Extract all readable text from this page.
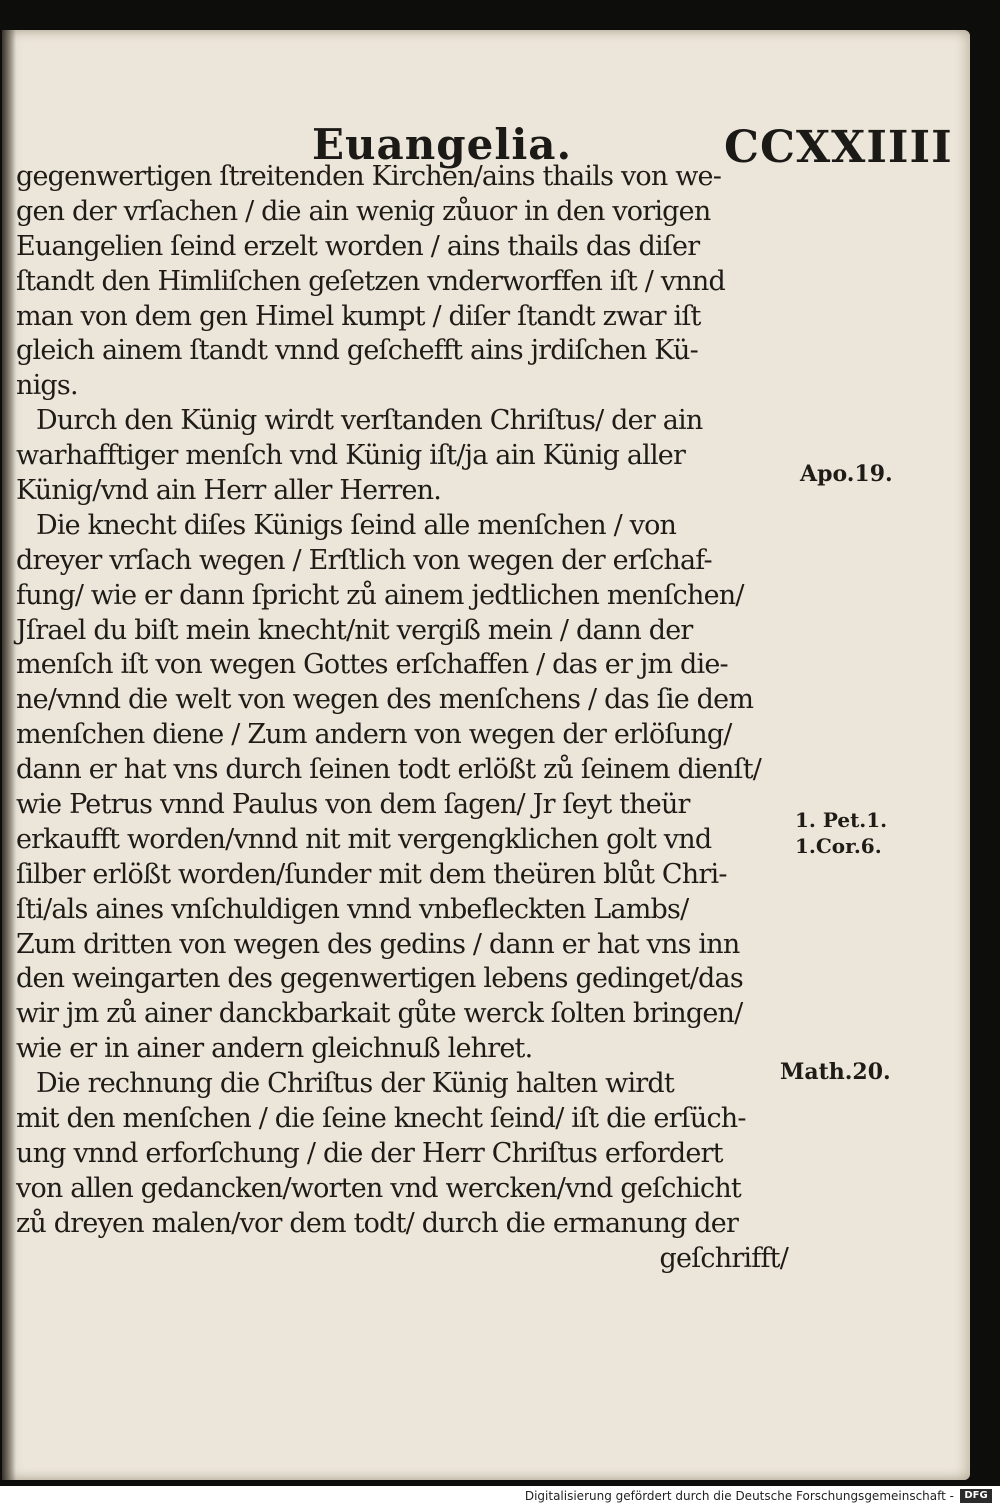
Euangelia.	CCXXIIII
gegenwertigen ſtreitenden Kirchen/ains thails von we-
gen der vrſachen / die ain wenig zůuor in den vorigen
Euangelien ſeind erzelt worden / ains thails das diſer
ſtandt den Himliſchen geſetzen vnderworffen iſt / vnnd
man von dem gen Himel kumpt / diſer ſtandt zwar iſt
gleich ainem ſtandt vnnd geſchefft ains jrdiſchen Kü-
nigs.
Durch den Künig wirdt verſtanden Chriſtus/ der ain
warhafftiger menſch vnd Künig iſt/ja ain Künig aller
Künig/vnd ain Herr aller Herren.
Die knecht diſes Künigs ſeind alle menſchen / von
dreyer vrſach wegen / Erſtlich von wegen der erſchaf-
fung/ wie er dann ſpricht zů ainem jedtlichen menſchen/
Jſrael du biſt mein knecht/nit vergiß mein / dann der
menſch iſt von wegen Gottes erſchaffen / das er jm die-
ne/vnnd die welt von wegen des menſchens / das ſie dem
menſchen diene / Zum andern von wegen der erlöſung/
dann er hat vns durch ſeinen todt erlößt zů ſeinem dienſt/
wie Petrus vnnd Paulus von dem ſagen/ Jr ſeyt theür
erkaufft worden/vnnd nit mit vergengklichen golt vnd
ſilber erlößt worden/ſunder mit dem theüren blůt Chri-
ſti/als aines vnſchuldigen vnnd vnbefleckten Lambs/
Zum dritten von wegen des gedins / dann er hat vns inn
den weingarten des gegenwertigen lebens gedinget/das
wir jm zů ainer danckbarkait gůte werck ſolten bringen/
wie er in ainer andern gleichnuß lehret.
Die rechnung die Chriſtus der Künig halten wirdt
mit den menſchen / die ſeine knecht ſeind/ iſt die erſüch-
ung vnnd erforſchung / die der Herr Chriſtus erfordert
von allen gedancken/worten vnd wercken/vnd geſchicht
zů dreyen malen/vor dem todt/ durch die ermanung der
geſchrifft/
Apo.19.
1. Pet.1.
1.Cor.6.
Math.20.
Digitalisierung gefördert durch die Deutsche Forschungsgemeinschaft -	DFG
